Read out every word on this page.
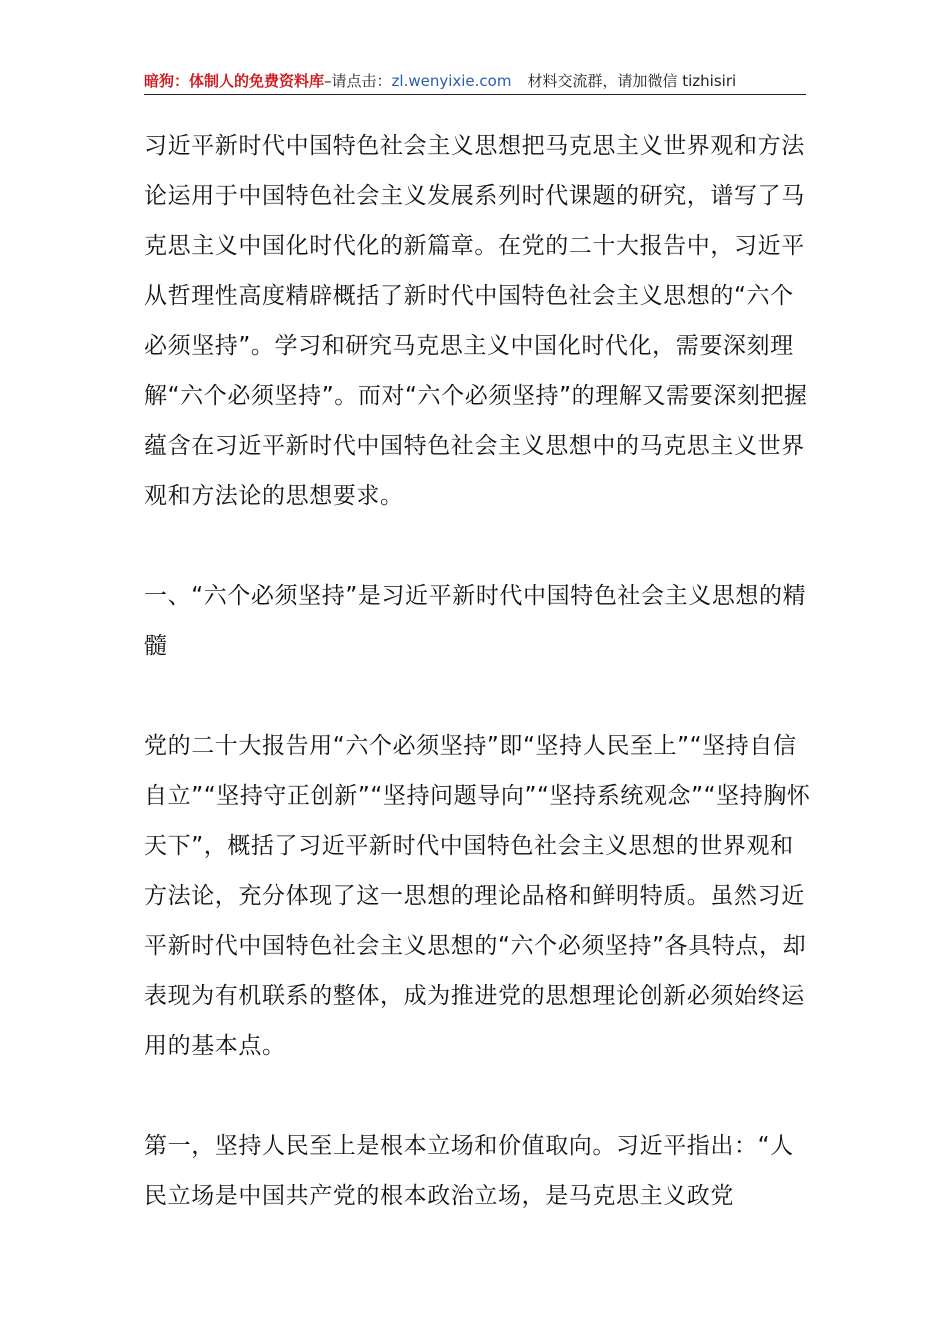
暗狗：体制人的免费资料库–请点击：zl.wenyixie.com 材料交流群，请加微信 tizhisiri

习近平新时代中国特色社会主义思想把马克思主义世界观和方法论运用于中国特色社会主义发展系列时代课题的研究，谱写了马克思主义中国化时代化的新篇章。在党的二十大报告中，习近平从哲理性高度精辟概括了新时代中国特色社会主义思想的“六个必须坚持”。学习和研究马克思主义中国化时代化，需要深刻理解“六个必须坚持”。而对“六个必须坚持”的理解又需要深刻把握蕴含在习近平新时代中国特色社会主义思想中的马克思主义世界观和方法论的思想要求。

一、“六个必须坚持”是习近平新时代中国特色社会主义思想的精髓

党的二十大报告用“六个必须坚持”即“坚持人民至上”“坚持自信自立”“坚持守正创新”“坚持问题导向”“坚持系统观念”“坚持胸怀天下”，概括了习近平新时代中国特色社会主义思想的世界观和方法论，充分体现了这一思想的理论品格和鲜明特质。虽然习近平新时代中国特色社会主义思想的“六个必须坚持”各具特点，却表现为有机联系的整体，成为推进党的思想理论创新必须始终运用的基本点。

第一，坚持人民至上是根本立场和价值取向。习近平指出：“人民立场是中国共产党的根本政治立场，是马克思主义政党
